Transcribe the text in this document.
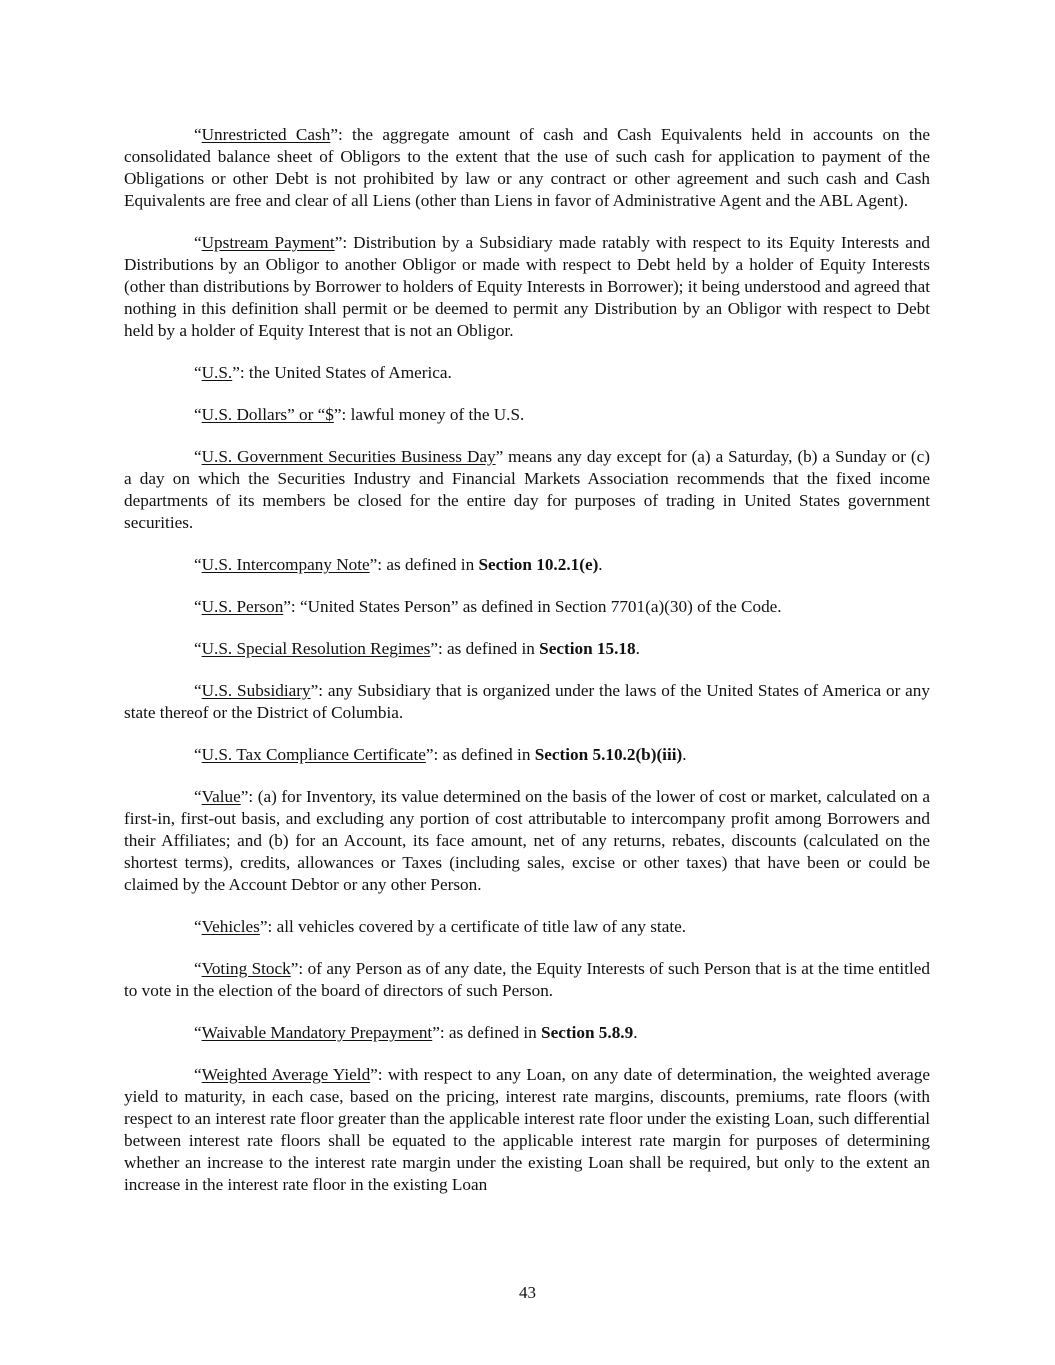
“Unrestricted Cash”: the aggregate amount of cash and Cash Equivalents held in accounts on the consolidated balance sheet of Obligors to the extent that the use of such cash for application to payment of the Obligations or other Debt is not prohibited by law or any contract or other agreement and such cash and Cash Equivalents are free and clear of all Liens (other than Liens in favor of Administrative Agent and the ABL Agent).

“Upstream Payment”: Distribution by a Subsidiary made ratably with respect to its Equity Interests and Distributions by an Obligor to another Obligor or made with respect to Debt held by a holder of Equity Interests (other than distributions by Borrower to holders of Equity Interests in Borrower); it being understood and agreed that nothing in this definition shall permit or be deemed to permit any Distribution by an Obligor with respect to Debt held by a holder of Equity Interest that is not an Obligor.

“U.S.”: the United States of America.

“U.S. Dollars” or “$”: lawful money of the U.S.

“U.S. Government Securities Business Day” means any day except for (a) a Saturday, (b) a Sunday or (c) a day on which the Securities Industry and Financial Markets Association recommends that the fixed income departments of its members be closed for the entire day for purposes of trading in United States government securities.

“U.S. Intercompany Note”: as defined in Section 10.2.1(e).

“U.S. Person”: “United States Person” as defined in Section 7701(a)(30) of the Code.

“U.S. Special Resolution Regimes”: as defined in Section 15.18.

“U.S. Subsidiary”: any Subsidiary that is organized under the laws of the United States of America or any state thereof or the District of Columbia.

“U.S. Tax Compliance Certificate”: as defined in Section 5.10.2(b)(iii).

“Value”: (a) for Inventory, its value determined on the basis of the lower of cost or market, calculated on a first-in, first-out basis, and excluding any portion of cost attributable to intercompany profit among Borrowers and their Affiliates; and (b) for an Account, its face amount, net of any returns, rebates, discounts (calculated on the shortest terms), credits, allowances or Taxes (including sales, excise or other taxes) that have been or could be claimed by the Account Debtor or any other Person.

“Vehicles”: all vehicles covered by a certificate of title law of any state.

“Voting Stock”: of any Person as of any date, the Equity Interests of such Person that is at the time entitled to vote in the election of the board of directors of such Person.

“Waivable Mandatory Prepayment”: as defined in Section 5.8.9.

“Weighted Average Yield”: with respect to any Loan, on any date of determination, the weighted average yield to maturity, in each case, based on the pricing, interest rate margins, discounts, premiums, rate floors (with respect to an interest rate floor greater than the applicable interest rate floor under the existing Loan, such differential between interest rate floors shall be equated to the applicable interest rate margin for purposes of determining whether an increase to the interest rate margin under the existing Loan shall be required, but only to the extent an increase in the interest rate floor in the existing Loan

43
